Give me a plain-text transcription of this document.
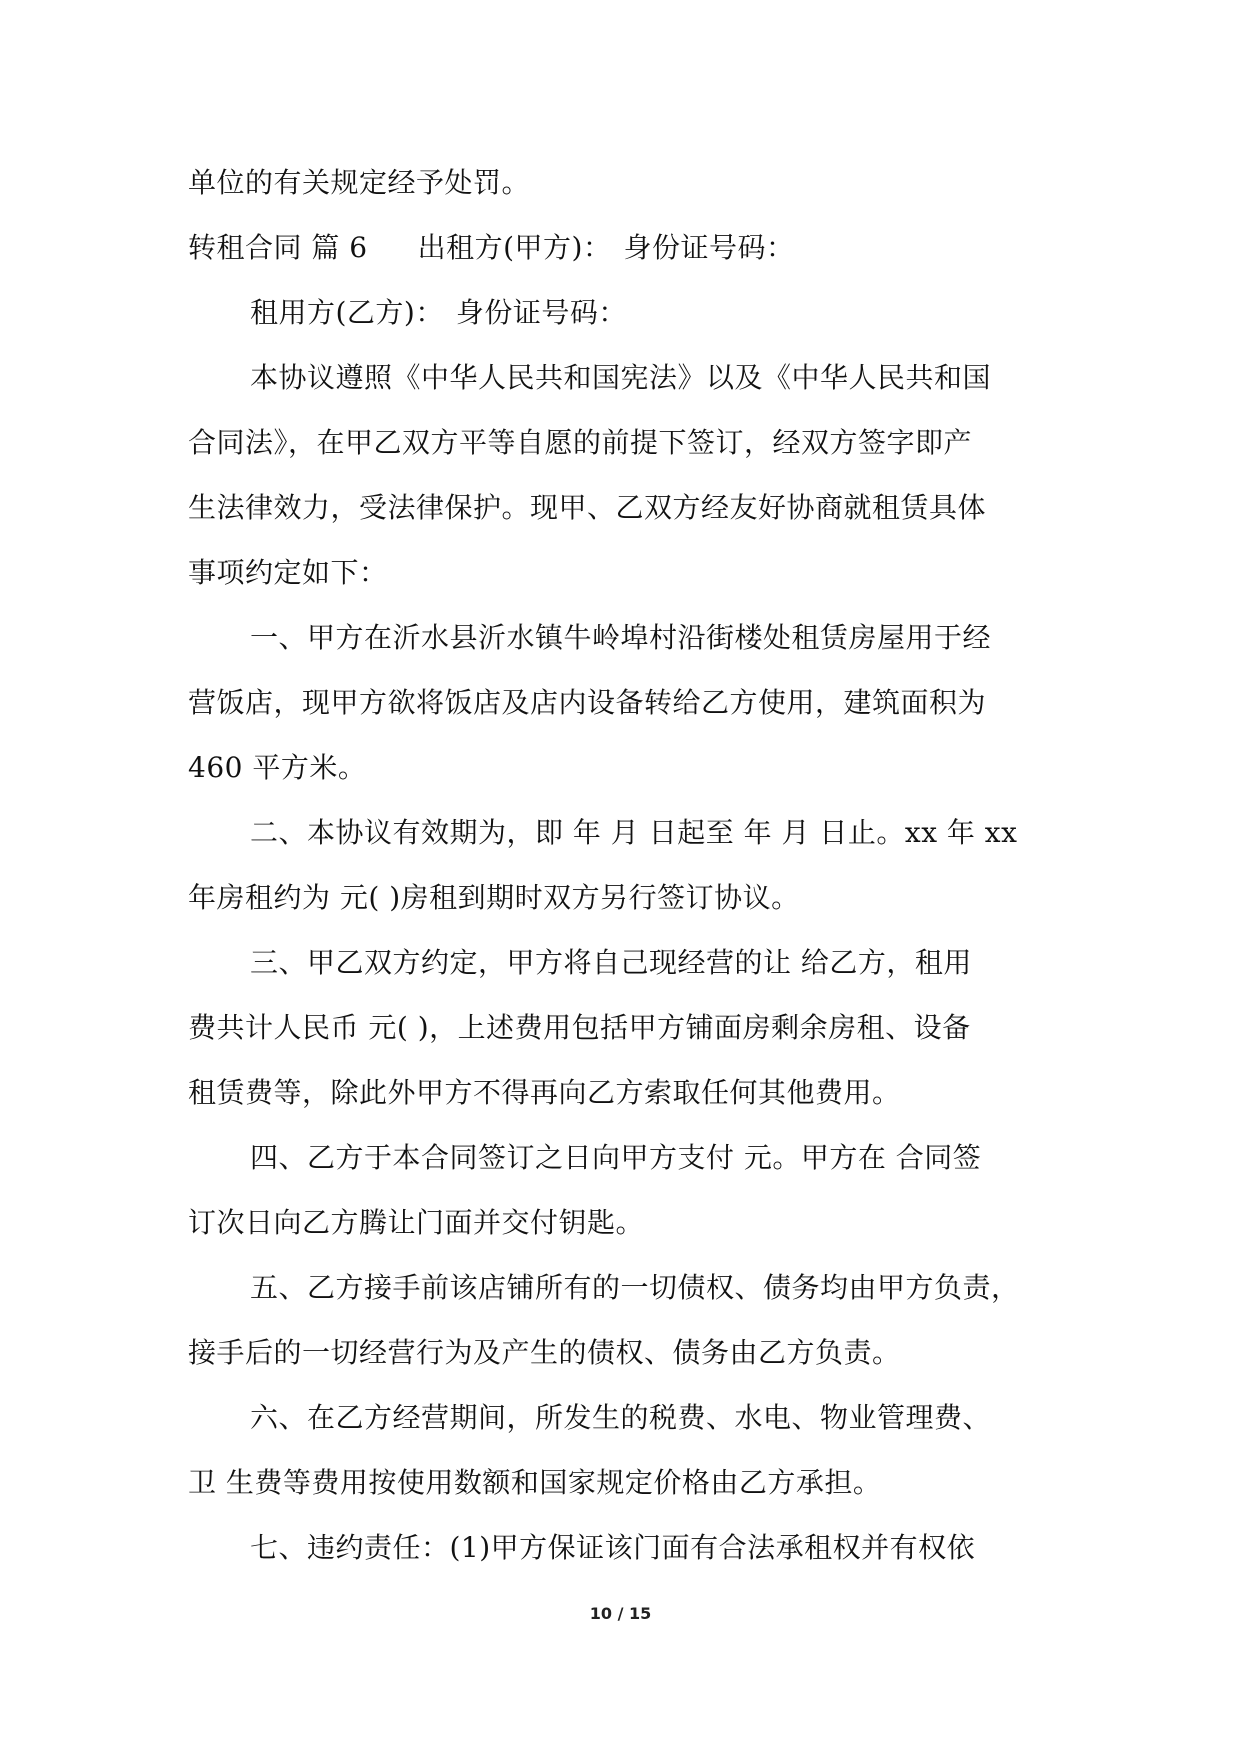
单位的有关规定经予处罚。
转租合同 篇 6 出租方(甲方)： 身份证号码：
租用方(乙方)： 身份证号码：
本协议遵照《中华人民共和国宪法》以及《中华人民共和国
合同法》，在甲乙双方平等自愿的前提下签订，经双方签字即产
生法律效力，受法律保护。现甲、乙双方经友好协商就租赁具体
事项约定如下：
一、甲方在沂水县沂水镇牛岭埠村沿街楼处租赁房屋用于经
营饭店，现甲方欲将饭店及店内设备转给乙方使用，建筑面积为
460 平方米。
二、本协议有效期为，即 年 月 日起至 年 月 日止。xx 年 xx
年房租约为 元( )房租到期时双方另行签订协议。
三、甲乙双方约定，甲方将自己现经营的让 给乙方，租用
费共计人民币 元( )，上述费用包括甲方铺面房剩余房租、设备
租赁费等，除此外甲方不得再向乙方索取任何其他费用。
四、乙方于本合同签订之日向甲方支付 元。甲方在 合同签
订次日向乙方腾让门面并交付钥匙。
五、乙方接手前该店铺所有的一切债权、债务均由甲方负责，
接手后的一切经营行为及产生的债权、债务由乙方负责。
六、在乙方经营期间，所发生的税费、水电、物业管理费、
卫 生费等费用按使用数额和国家规定价格由乙方承担。
七、违约责任：(1)甲方保证该门面有合法承租权并有权依
10 / 15
